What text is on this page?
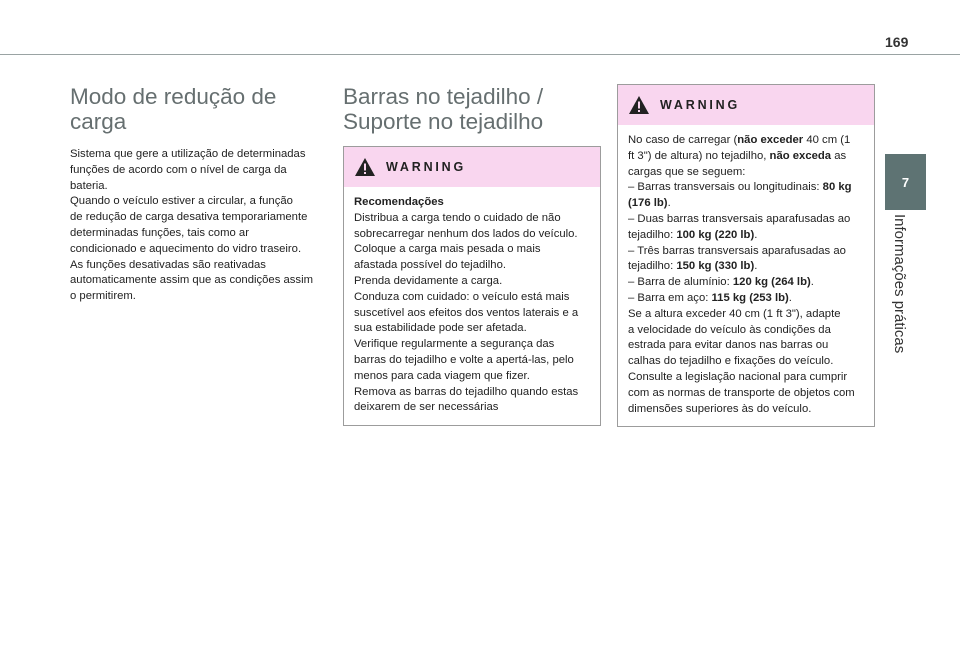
169
7
Informações práticas
Modo de redução de carga

Sistema que gere a utilização de determinadas
funções de acordo com o nível de carga da
bateria.
Quando o veículo estiver a circular, a função
de redução de carga desativa temporariamente
determinadas funções, tais como ar
condicionado e aquecimento do vidro traseiro.
As funções desativadas são reativadas
automaticamente assim que as condições assim
o permitirem.

Barras no tejadilho / Suporte no tejadilho
WARNING

Recomendações
Distribua a carga tendo o cuidado de não
sobrecarregar nenhum dos lados do veículo.
Coloque a carga mais pesada o mais
afastada possível do tejadilho.
Prenda devidamente a carga.
Conduza com cuidado: o veículo está mais
suscetível aos efeitos dos ventos laterais e a
sua estabilidade pode ser afetada.
Verifique regularmente a segurança das
barras do tejadilho e volte a apertá-las, pelo
menos para cada viagem que fizer.
Remova as barras do tejadilho quando estas
deixarem de ser necessárias

WARNING

No caso de carregar (não exceder 40 cm (1
ft 3") de altura) no tejadilho, não exceda as
cargas que se seguem:
– Barras transversais ou longitudinais: 80 kg
(176 lb).
– Duas barras transversais aparafusadas ao
tejadilho: 100 kg (220 lb).
– Três barras transversais aparafusadas ao
tejadilho: 150 kg (330 lb).
– Barra de alumínio: 120 kg (264 lb).
– Barra em aço: 115 kg (253 lb).
Se a altura exceder 40 cm (1 ft 3"), adapte
a velocidade do veículo às condições da
estrada para evitar danos nas barras ou
calhas do tejadilho e fixações do veículo.
Consulte a legislação nacional para cumprir
com as normas de transporte de objetos com
dimensões superiores às do veículo.
